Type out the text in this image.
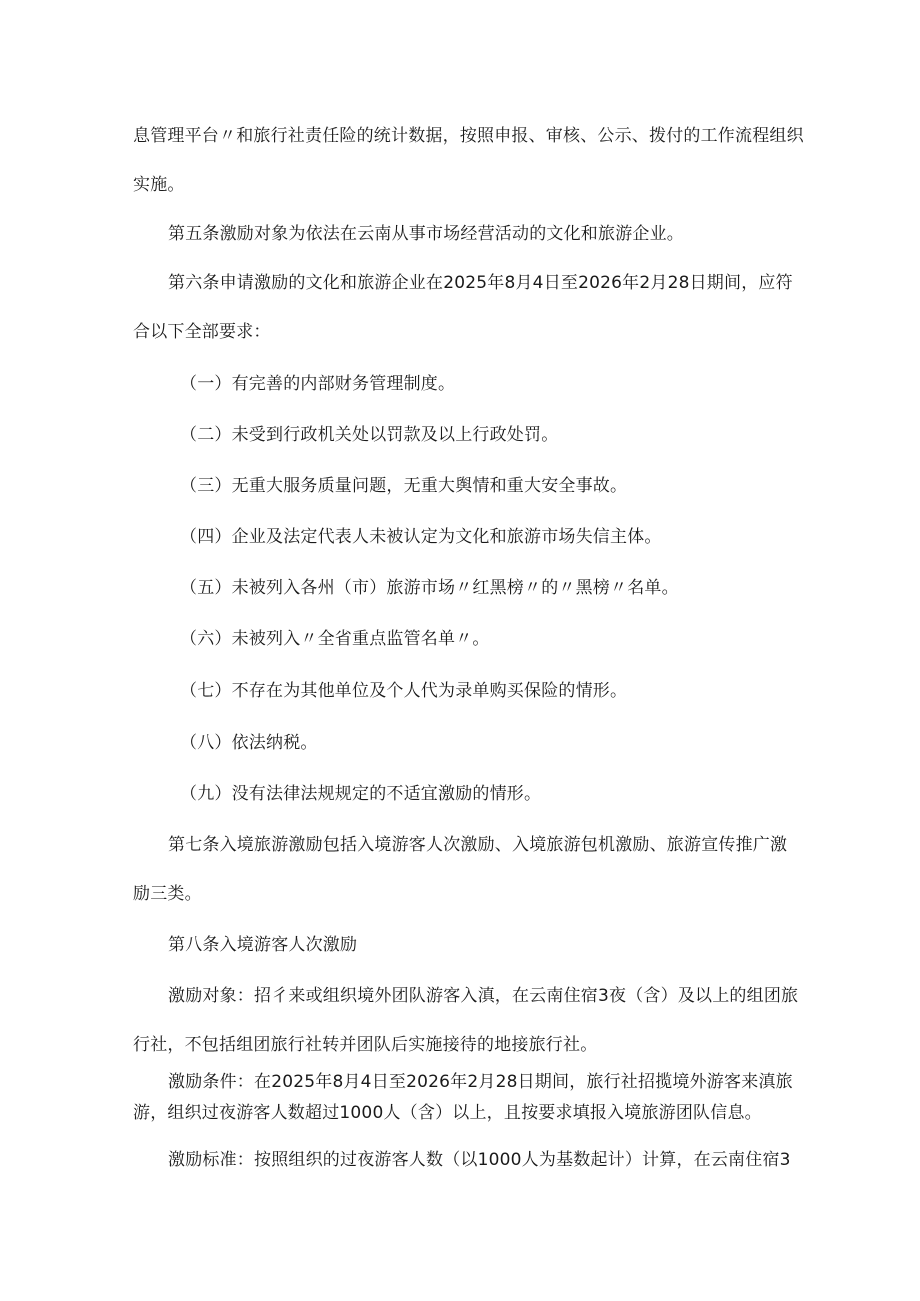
息管理平台〃和旅行社责任险的统计数据，按照申报、审核、公示、拨付的工作流程组织
实施。
第五条激励对象为依法在云南从事市场经营活动的文化和旅游企业。
第六条申请激励的文化和旅游企业在2025年8月4日至2026年2月28日期间，应符
合以下全部要求：
（一）有完善的内部财务管理制度。
（二）未受到行政机关处以罚款及以上行政处罚。
（三）无重大服务质量问题，无重大舆情和重大安全事故。
（四）企业及法定代表人未被认定为文化和旅游市场失信主体。
（五）未被列入各州（市）旅游市场〃红黑榜〃的〃黑榜〃名单。
（六）未被列入〃全省重点监管名单〃。
（七）不存在为其他单位及个人代为录单购买保险的情形。
（八）依法纳税。
（九）没有法律法规规定的不适宜激励的情形。
第七条入境旅游激励包括入境游客人次激励、入境旅游包机激励、旅游宣传推广激
励三类。
第八条入境游客人次激励
激励对象：招彳来或组织境外团队游客入滇，在云南住宿3夜（含）及以上的组团旅
行社，不包括组团旅行社转并团队后实施接待的地接旅行社。
激励条件：在2025年8月4日至2026年2月28日期间，旅行社招揽境外游客来滇旅
游，组织过夜游客人数超过1000人（含）以上，且按要求填报入境旅游团队信息。
激励标准：按照组织的过夜游客人数（以1000人为基数起计）计算，在云南住宿3
